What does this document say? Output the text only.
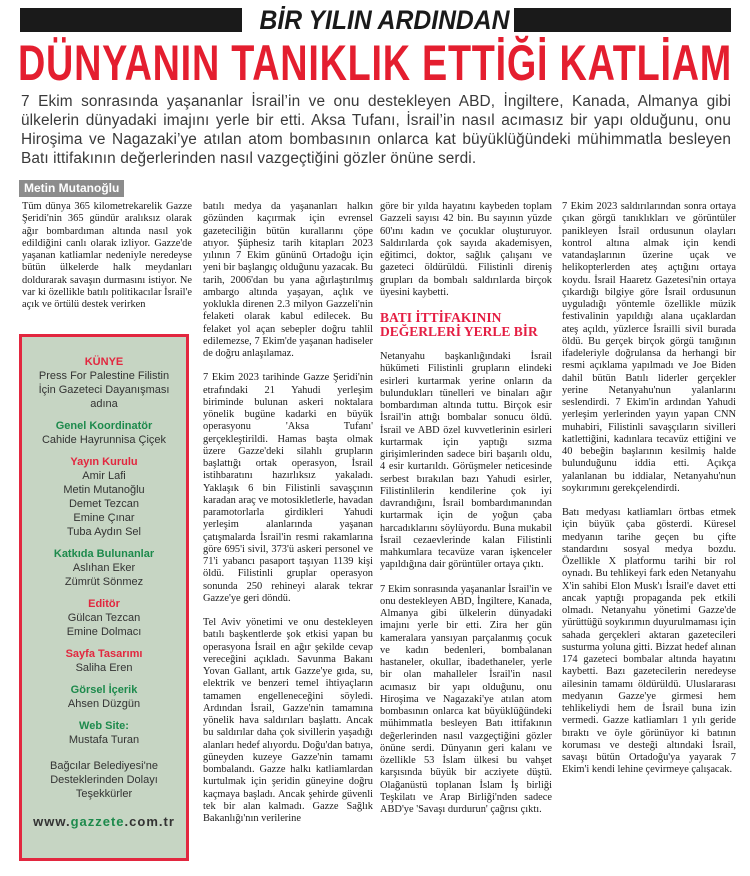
BİR YILIN ARDINDAN
DÜNYANIN TANIKLIK ETTİĞİ KATLİAM
7 Ekim sonrasında yaşananlar İsrail’in ve onu destekleyen ABD, İngiltere, Kanada, Almanya gibi ülkelerin dünyadaki imajını yerle bir etti. Aksa Tufanı, İsrail’in nasıl acımasız bir yapı olduğunu, onu Hiroşima ve Nagazaki’ye atılan atom bombasının onlarca kat büyüklüğündeki mühimmatla besleyen Batı ittifakının değerlerinden nasıl vazgeçtiğini gözler önüne serdi.
Metin Mutanoğlu

Tüm dünya 365 kilometrekarelik Gazze Şeridi'nin 365 gündür aralıksız olarak ağır bombardıman altında nasıl yok edildiğini canlı olarak izliyor. Gazze'de yaşanan katliamlar nedeniyle neredeyse bütün ülkelerde halk meydanları doldurarak savaşın durmasını istiyor. Ne var ki özellikle batılı politikacılar İsrail'e açık ve örtülü destek verirken

KÜNYE
Press For Palestine Filistin
İçin Gazeteci Dayanışması
adına
Genel Koordinatör
Cahide Hayrunnisa Çiçek
Yayın Kurulu
Amir Lafi
Metin Mutanoğlu
Demet Tezcan
Emine Çınar
Tuba Aydın Sel
Katkıda Bulunanlar
Aslıhan Eker
Zümrüt Sönmez
Editör
Gülcan Tezcan
Emine Dolmacı
Sayfa Tasarımı
Saliha Eren
Görsel İçerik
Ahsen Düzgün
Web Site:
Mustafa Turan
Bağcılar Belediyesi'ne
Desteklerinden Dolayı
Teşekkürler
www.gazzete.com.tr

batılı medya da yaşananları halkın gözünden kaçırmak için evrensel gazeteciliğin bütün kurallarını çöpe atıyor. Şüphesiz tarih kitapları 2023 yılının 7 Ekim gününü Ortadoğu için yeni bir başlangıç olduğunu yazacak. Bu tarih, 2006'dan bu yana ağırlaştırılmış ambargo altında yaşayan, açlık ve yoklukla direnen 2.3 milyon Gazzeli'nin felaketi olarak kabul edilecek. Bu felaket yol açan sebepler doğru tahlil edilemezse, 7 Ekim'de yaşanan hadiseler de doğru anlaşılamaz.

7 Ekim 2023 tarihinde Gazze Şeridi'nin etrafındaki 21 Yahudi yerleşim biriminde bulunan askeri noktalara yönelik bugüne kadarki en büyük operasyonu 'Aksa Tufanı' gerçekleştirildi. Hamas başta olmak üzere Gazze'deki silahlı grupların başlattığı ortak operasyon, İsrail istihbaratını hazırlıksız yakaladı. Yaklaşık 6 bin Filistinli savaşçının karadan araç ve motosikletlerle, havadan paramotorlarla girdikleri Yahudi yerleşim alanlarında yaşanan çatışmalarda İsrail'in resmi rakamlarına göre 695'i sivil, 373'ü askeri personel ve 71'i yabancı pasaport taşıyan 1139 kişi öldü. Filistinli gruplar operasyon sonunda 250 rehineyi alarak tekrar Gazze'ye geri döndü.

Tel Aviv yönetimi ve onu destekleyen batılı başkentlerde şok etkisi yapan bu operasyona İsrail en ağır şekilde cevap vereceğini açıkladı. Savunma Bakanı Yovan Gallant, artık Gazze'ye gıda, su, elektrik ve benzeri temel ihtiyaçların tamamen engelleneceğini söyledi. Ardından İsrail, Gazze'nin tamamına yönelik hava saldırıları başlattı. Ancak bu saldırılar daha çok sivillerin yaşadığı alanları hedef alıyordu. Doğu'dan batıya, güneyden kuzeye Gazze'nin tamamı bombalandı. Gazze halkı katliamlardan kurtulmak için şeridin güneyine doğru kaçmaya başladı. Ancak şehirde güvenli tek bir alan kalmadı. Gazze Sağlık Bakanlığı'nın verilerine

göre bir yılda hayatını kaybeden toplam Gazzeli sayısı 42 bin. Bu sayının yüzde 60'ını kadın ve çocuklar oluşturuyor. Saldırılarda çok sayıda akademisyen, eğitimci, doktor, sağlık çalışanı ve gazeteci öldürüldü. Filistinli direniş grupları da bombalı saldırılarda birçok üyesini kaybetti.

BATI İTTİFAKININ DEĞERLERİ YERLE BİR

Netanyahu başkanlığındaki İsrail hükümeti Filistinli grupların elindeki esirleri kurtarmak yerine onların da bulundukları tünelleri ve binaları ağır bombardıman altında tuttu. Birçok esir İsrail'in attığı bombalar sonucu öldü. İsrail ve ABD özel kuvvetlerinin esirleri kurtarmak için yaptığı sızma girişimlerinden sadece biri başarılı oldu, 4 esir kurtarıldı. Görüşmeler neticesinde serbest bırakılan bazı Yahudi esirler, Filistinlilerin kendilerine çok iyi davrandığını, İsrail bombardımanından kurtarmak için de yoğun çaba harcadıklarını söylüyordu. Buna mukabil İsrail cezaevlerinde kalan Filistinli mahkumlara tecavüze varan işkenceler yapıldığına dair görüntüler ortaya çıktı.

7 Ekim sonrasında yaşananlar İsrail'in ve onu destekleyen ABD, İngiltere, Kanada, Almanya gibi ülkelerin dünyadaki imajını yerle bir etti. Zira her gün kameralara yansıyan parçalanmış çocuk ve kadın bedenleri, bombalanan hastaneler, okullar, ibadethaneler, yerle bir olan mahalleler İsrail'in nasıl acımasız bir yapı olduğunu, onu Hiroşima ve Nagazaki'ye atılan atom bombasının onlarca kat büyüklüğündeki mühimmatla besleyen Batı ittifakının değerlerinden nasıl vazgeçtiğini gözler önüne serdi. Dünyanın geri kalanı ve özellikle 53 İslam ülkesi bu vahşet karşısında büyük bir acziyete düştü. Olağanüstü toplanan İslam İş birliği Teşkilatı ve Arap Birliği'nden sadece ABD'ye 'Savaşı durdurun' çağrısı çıktı.

7 Ekim 2023 saldırılarından sonra ortaya çıkan görgü tanıklıkları ve görüntüler panikleyen İsrail ordusunun olayları kontrol altına almak için kendi vatandaşlarının üzerine uçak ve helikopterlerden ateş açtığını ortaya koydu. İsrail Haaretz Gazetesi'nin ortaya çıkardığı bilgiye göre İsrail ordusunun uyguladığı yöntemle özellikle müzik festivalinin yapıldığı alana uçaklardan ateş açıldı, yüzlerce İsrailli sivil burada öldü. Bu gerçek birçok görgü tanığının ifadeleriyle doğrulansa da herhangi bir resmi açıklama yapılmadı ve Joe Biden dahil bütün Batılı liderler gerçekler yerine Netanyahu'nun yalanlarını seslendirdi. 7 Ekim'in ardından Yahudi yerleşim yerlerinden yayın yapan CNN muhabiri, Filistinli savaşçıların sivilleri katlettiğini, kadınlara tecavüz ettiğini ve 40 bebeğin başlarının kesilmiş halde bulunduğunu iddia etti. Açıkça yalanlanan bu iddialar, Netanyahu'nun soykırımını gerekçelendirdi.

Batı medyası katliamları örtbas etmek için büyük çaba gösterdi. Küresel medyanın tarihe geçen bu çifte standardını sosyal medya bozdu. Özellikle X platformu tarihi bir rol oynadı. Bu tehlikeyi fark eden Netanyahu X'in sahibi Elon Musk'ı İsrail'e davet etti ancak yaptığı propaganda pek etkili olmadı. Netanyahu yönetimi Gazze'de yürüttüğü soykırımın duyurulmaması için sahada gerçekleri aktaran gazetecileri susturma yoluna gitti. Bizzat hedef alınan 174 gazeteci bombalar altında hayatını kaybetti. Bazı gazetecilerin neredeyse ailesinin tamamı öldürüldü. Uluslararası medyanın Gazze'ye girmesi hem tehlikeliydi hem de İsrail buna izin vermedi. Gazze katliamları 1 yılı geride bıraktı ve öyle görünüyor ki batının koruması ve desteği altındaki İsrail, savaşı bütün Ortadoğu'ya yayarak 7 Ekim'i kendi lehine çevirmeye çalışacak.
